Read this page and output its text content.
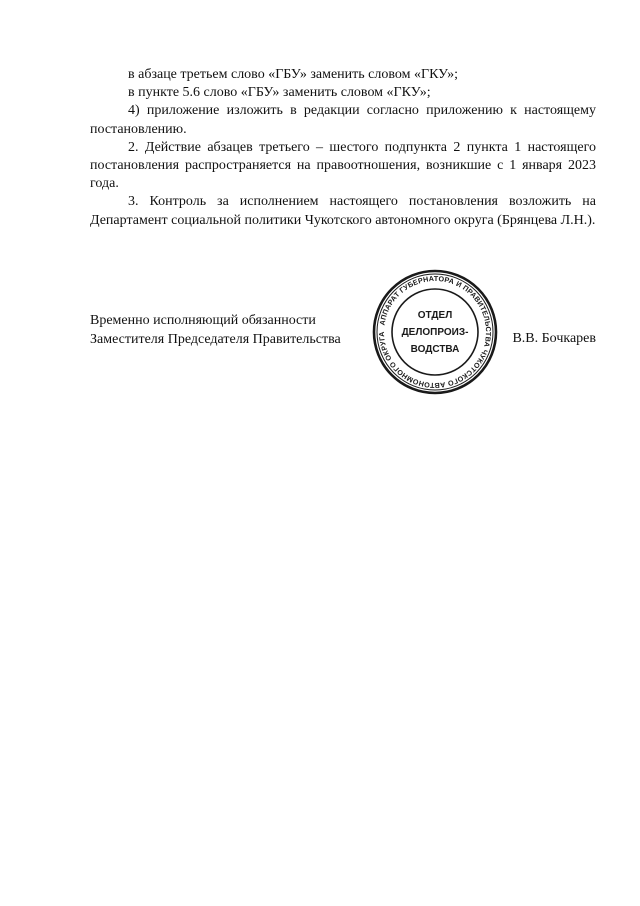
в абзаце третьем слово «ГБУ» заменить словом «ГКУ»;

в пункте 5.6 слово «ГБУ» заменить словом «ГКУ»;

4) приложение изложить в редакции согласно приложению к настоящему постановлению.

2. Действие абзацев третьего – шестого подпункта 2 пункта 1 настоящего постановления распространяется на правоотношения, возникшие с 1 января 2023 года.

3. Контроль за исполнением настоящего постановления возложить на Департамент социальной политики Чукотского автономного округа (Брянцева Л.Н.).

Временно исполняющий обязанности
Заместителя Председателя Правительства	В.В. Бочкарев
АППАРАТ ГУБЕРНАТОРА И ПРАВИТЕЛЬСТВА ЧУКОТСКОГО АВТОНОМНОГО ОКРУГА
ОТДЕЛ
ДЕЛОПРОИЗ-
ВОДСТВА
